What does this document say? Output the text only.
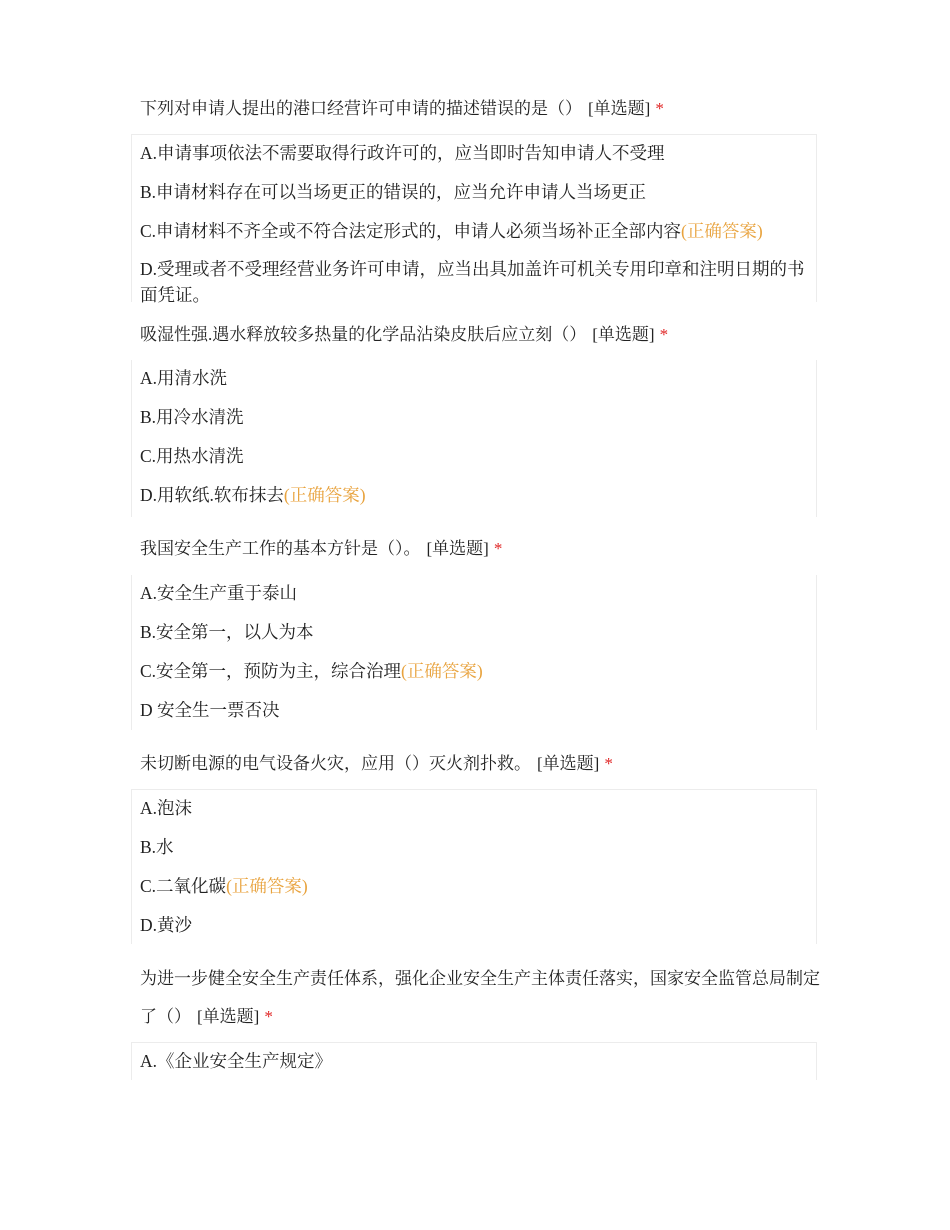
下列对申请人提出的港口经营许可申请的描述错误的是（） [单选题] *

A.申请事项依法不需要取得行政许可的，应当即时告知申请人不受理

B.申请材料存在可以当场更正的错误的，应当允许申请人当场更正

C.申请材料不齐全或不符合法定形式的，申请人必须当场补正全部内容(正确答案)

D.受理或者不受理经营业务许可申请，应当出具加盖许可机关专用印章和注明日期的书面凭证。

吸湿性强.遇水释放较多热量的化学品沾染皮肤后应立刻（） [单选题] *

A.用清水洗

B.用冷水清洗

C.用热水清洗

D.用软纸.软布抹去(正确答案)

我国安全生产工作的基本方针是（）。 [单选题] *

A.安全生产重于泰山

B.安全第一，以人为本

C.安全第一，预防为主，综合治理(正确答案)

D 安全生一票否决

未切断电源的电气设备火灾，应用（）灭火剂扑救。 [单选题] *

A.泡沫

B.水

C.二氧化碳(正确答案)

D.黄沙

为进一步健全安全生产责任体系，强化企业安全生产主体责任落实，国家安全监管总局制定了（） [单选题] *

A.《企业安全生产规定》
